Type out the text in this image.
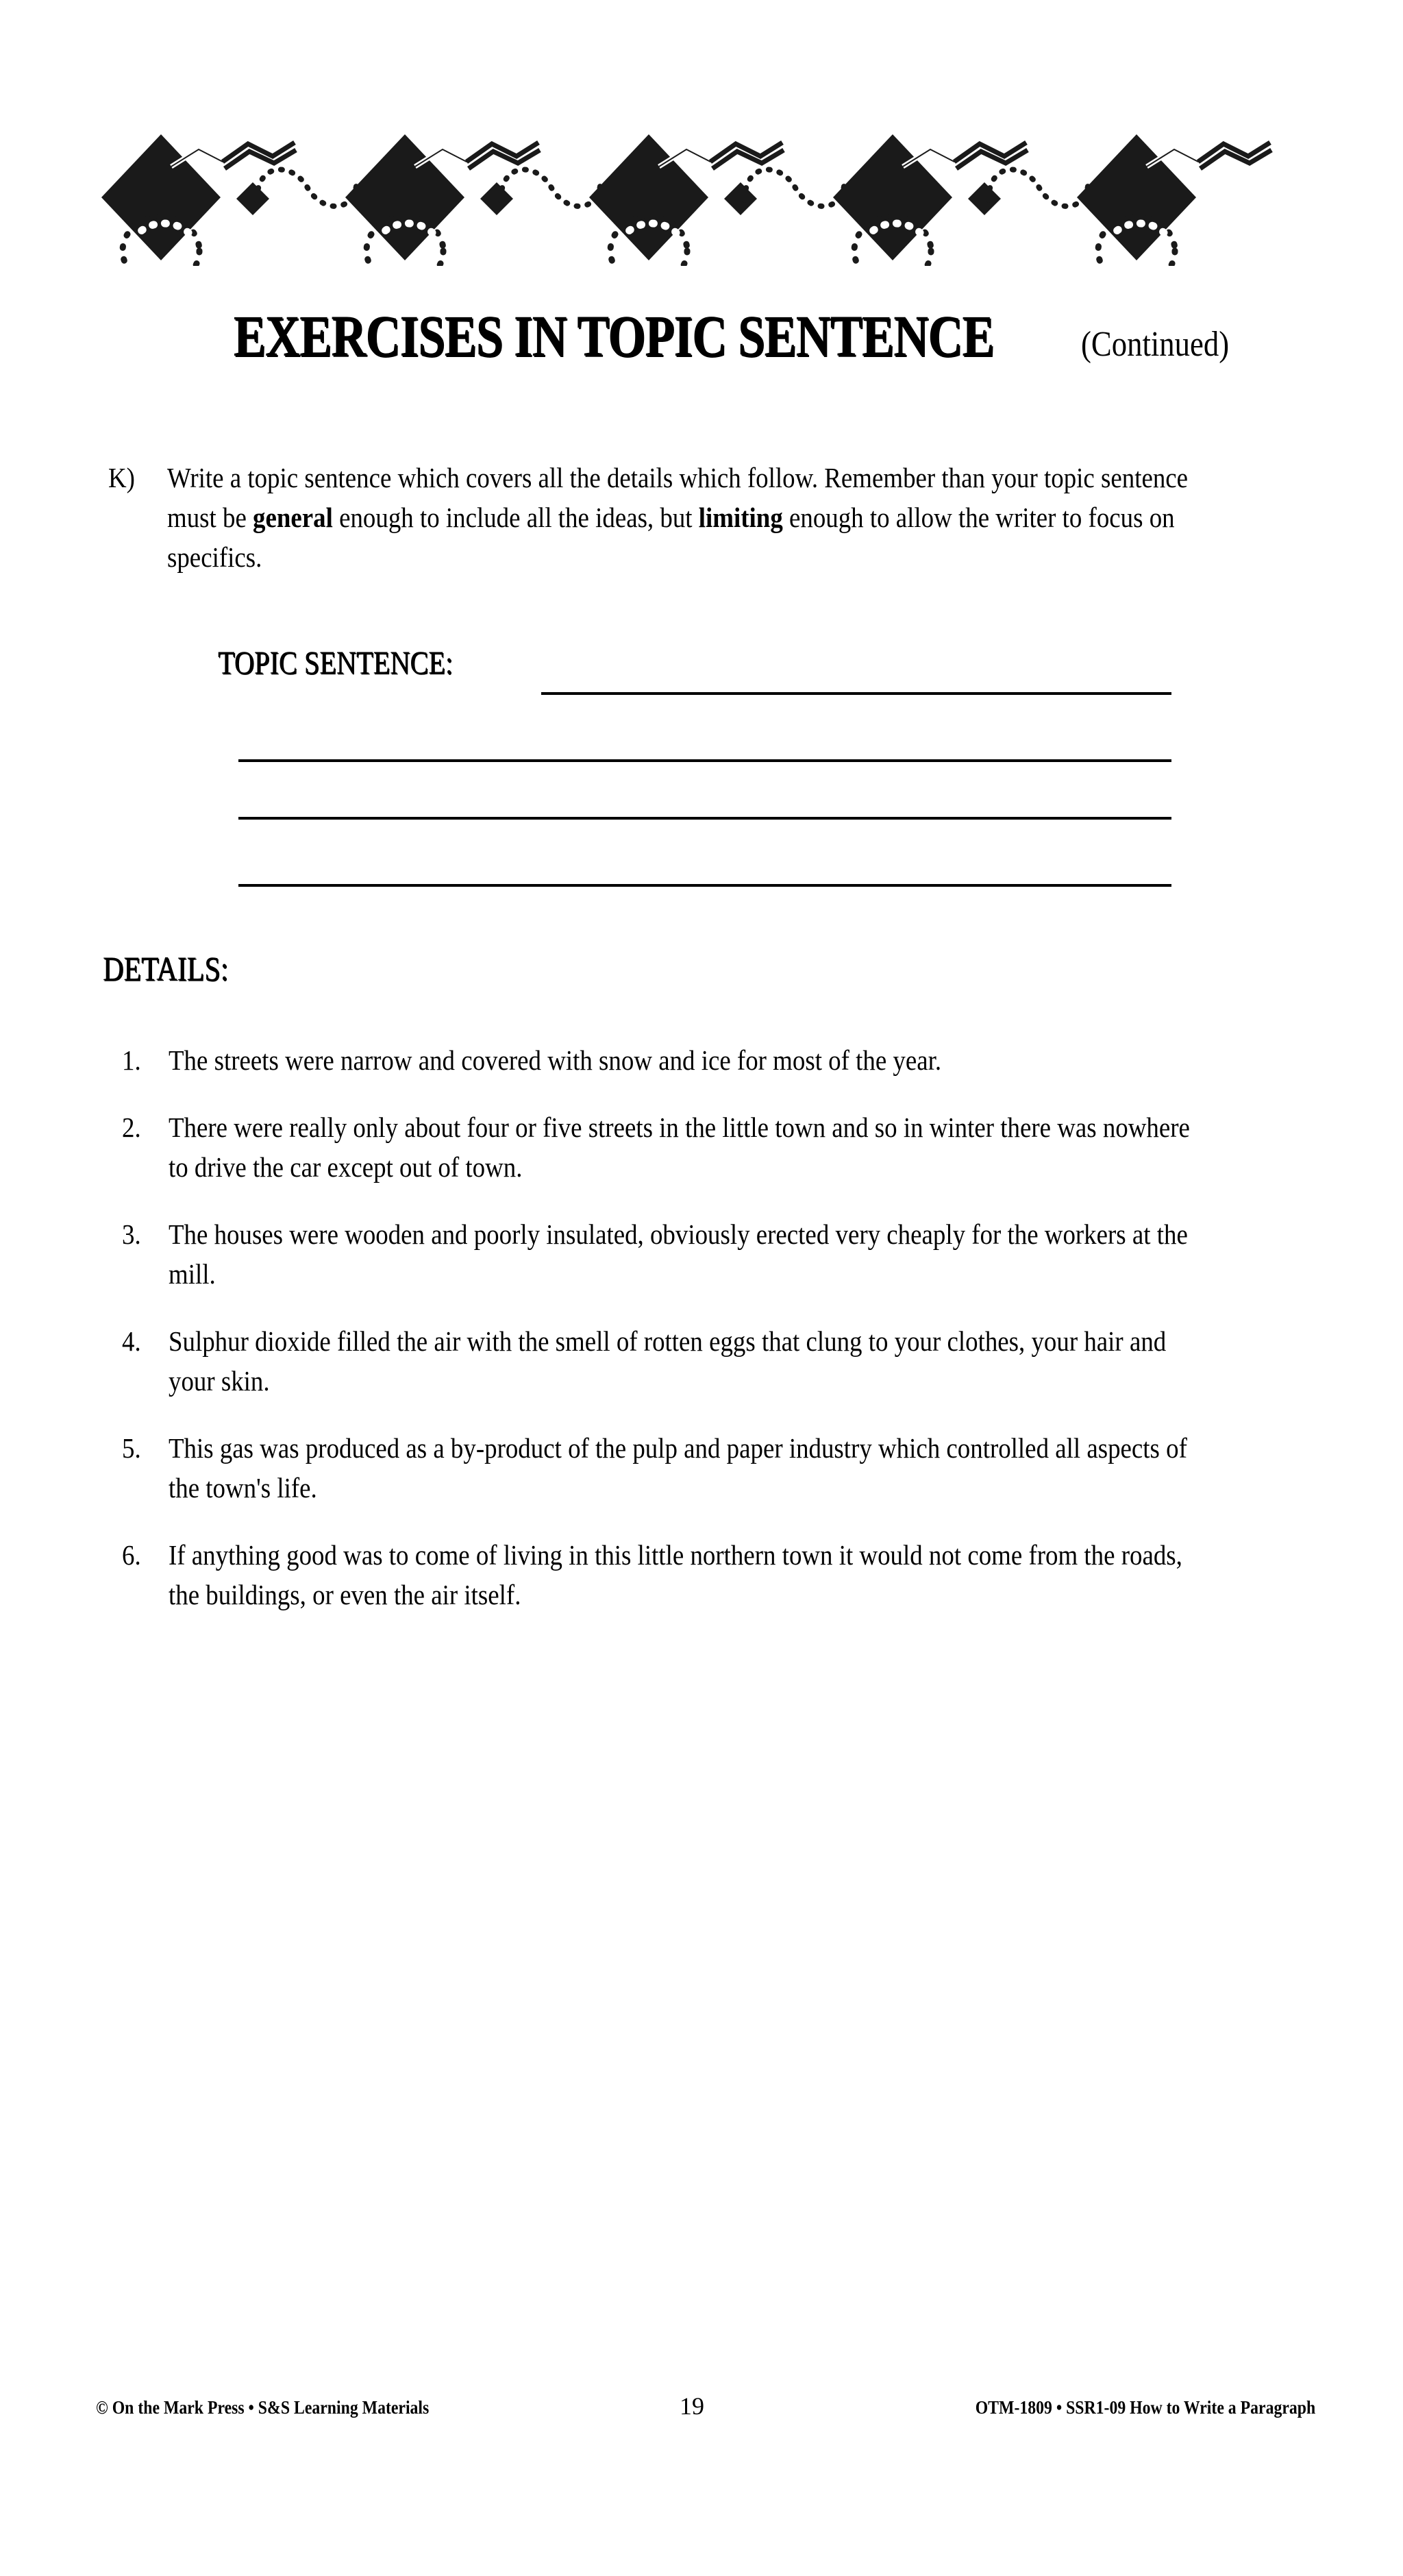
EXERCISES IN TOPIC SENTENCE (Continued)
K)	Write a topic sentence which covers all the details which follow. Remember than your topic sentence must be general enough to include all the ideas, but limiting enough to allow the writer to focus on specifics.
TOPIC SENTENCE:
DETAILS:
1. The streets were narrow and covered with snow and ice for most of the year.
2. There were really only about four or five streets in the little town and so in winter there was nowhere to drive the car except out of town.
3. The houses were wooden and poorly insulated, obviously erected very cheaply for the workers at the mill.
4. Sulphur dioxide filled the air with the smell of rotten eggs that clung to your clothes, your hair and your skin.
5. This gas was produced as a by-product of the pulp and paper industry which controlled all aspects of the town's life.
6. If anything good was to come of living in this little northern town it would not come from the roads, the buildings, or even the air itself.
© On the Mark Press • S&S Learning Materials	19	OTM-1809 • SSR1-09 How to Write a Paragraph
